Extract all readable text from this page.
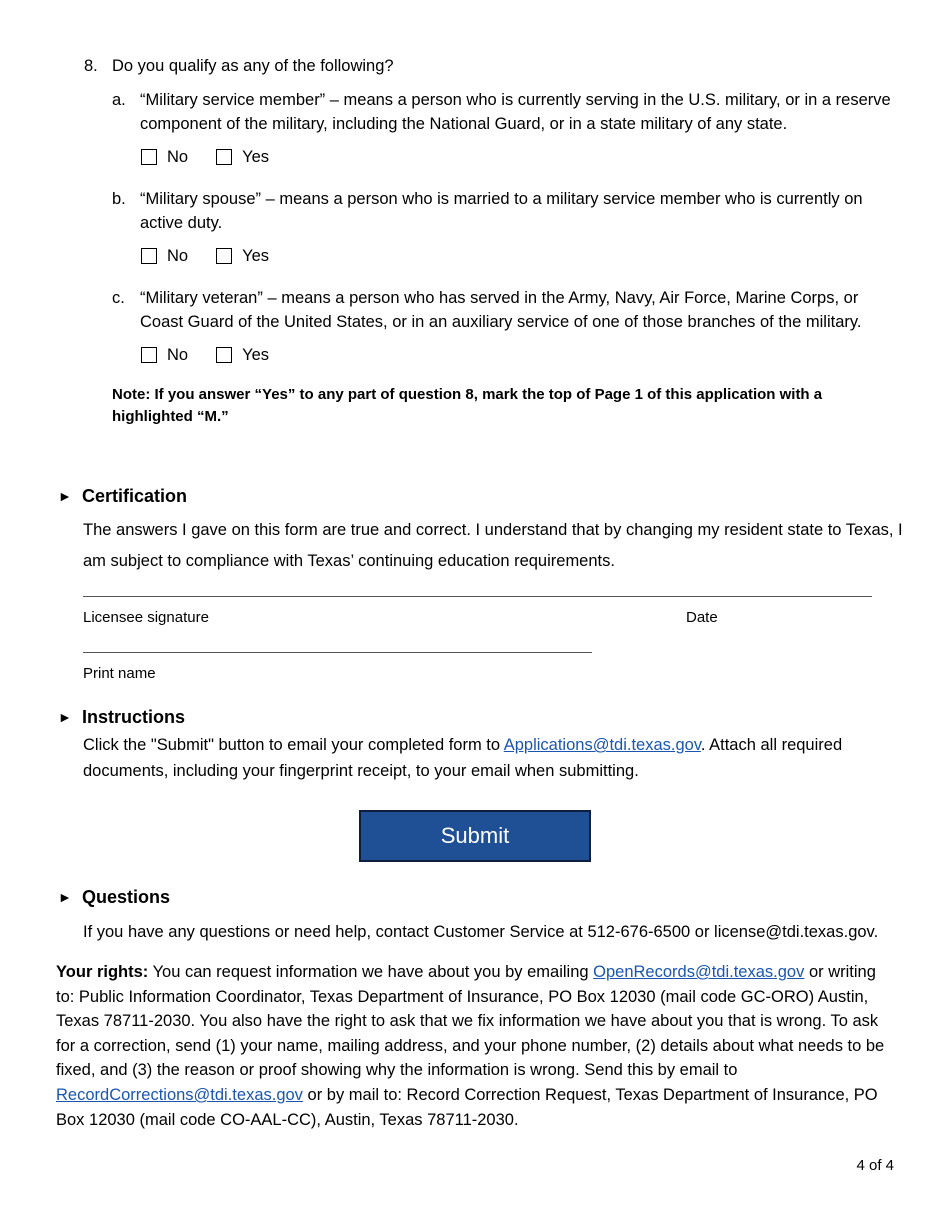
8. Do you qualify as any of the following?
a. “Military service member” – means a person who is currently serving in the U.S. military, or in a reserve component of the military, including the National Guard, or in a state military of any state.
No	Yes
b. “Military spouse” – means a person who is married to a military service member who is currently on active duty.
No	Yes
c. “Military veteran” – means a person who has served in the Army, Navy, Air Force, Marine Corps, or Coast Guard of the United States, or in an auxiliary service of one of those branches of the military.
No	Yes
Note: If you answer “Yes” to any part of question 8, mark the top of Page 1 of this application with a highlighted “M.”
► Certification
The answers I gave on this form are true and correct. I understand that by changing my resident state to Texas, I am subject to compliance with Texas’ continuing education requirements.
Licensee signature	Date
Print name
► Instructions
Click the "Submit" button to email your completed form to Applications@tdi.texas.gov. Attach all required documents, including your fingerprint receipt, to your email when submitting.
Submit
► Questions
If you have any questions or need help, contact Customer Service at 512-676-6500 or license@tdi.texas.gov.
Your rights: You can request information we have about you by emailing OpenRecords@tdi.texas.gov or writing to: Public Information Coordinator, Texas Department of Insurance, PO Box 12030 (mail code GC-ORO) Austin, Texas 78711-2030. You also have the right to ask that we fix information we have about you that is wrong. To ask for a correction, send (1) your name, mailing address, and your phone number, (2) details about what needs to be fixed, and (3) the reason or proof showing why the information is wrong. Send this by email to RecordCorrections@tdi.texas.gov or by mail to: Record Correction Request, Texas Department of Insurance, PO Box 12030 (mail code CO-AAL-CC), Austin, Texas 78711-2030.
4 of 4
